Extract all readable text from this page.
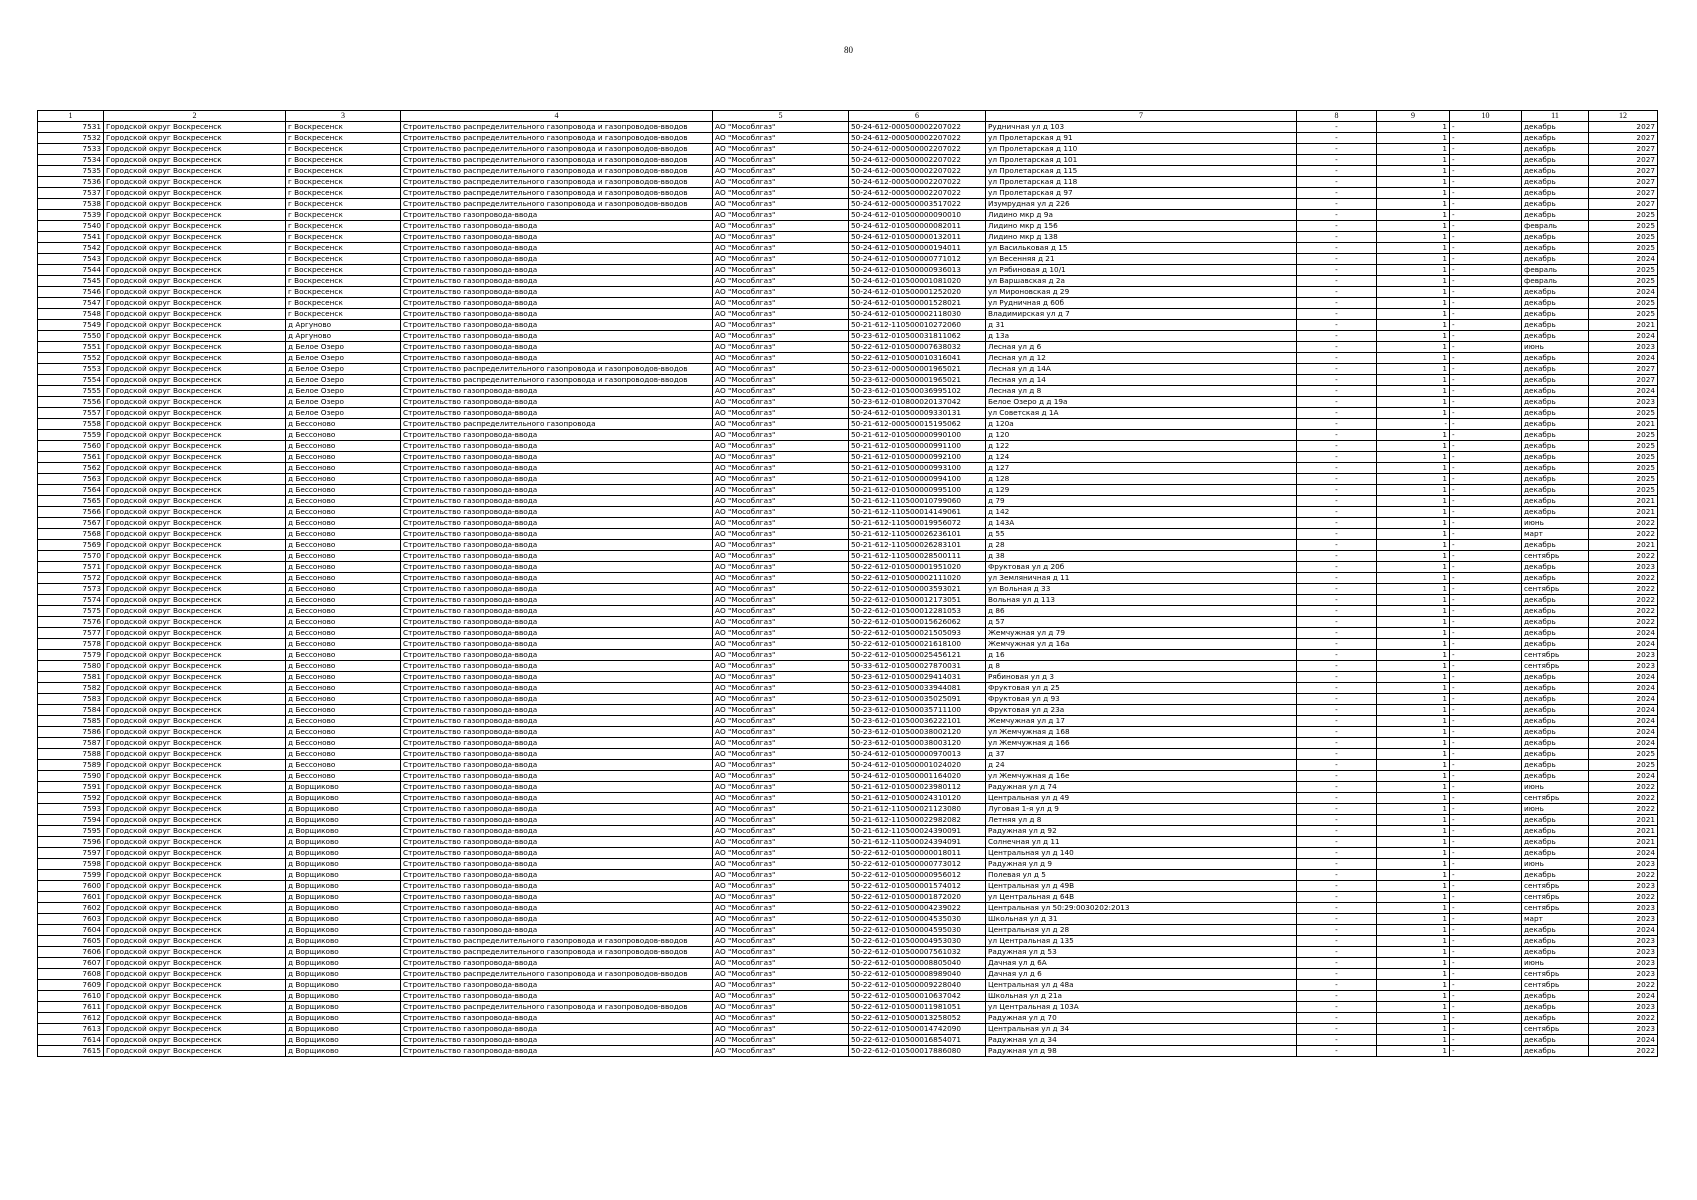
80
1	2	3	4	5	6	7	8	9	10	11	12
7531	Городской округ Воскресенск	г Воскресенск	Строительство распределительного газопровода и газопроводов-вводов	АО "Мособлгаз"	50-24-612-000500002207022	Рудничная ул д 103	-	1	-	декабрь	2027
7532	Городской округ Воскресенск	г Воскресенск	Строительство распределительного газопровода и газопроводов-вводов	АО "Мособлгаз"	50-24-612-000500002207022	ул Пролетарская д 91	-	1	-	декабрь	2027
7533	Городской округ Воскресенск	г Воскресенск	Строительство распределительного газопровода и газопроводов-вводов	АО "Мособлгаз"	50-24-612-000500002207022	ул Пролетарская д 110	-	1	-	декабрь	2027
7534	Городской округ Воскресенск	г Воскресенск	Строительство распределительного газопровода и газопроводов-вводов	АО "Мособлгаз"	50-24-612-000500002207022	ул Пролетарская д 101	-	1	-	декабрь	2027
7535	Городской округ Воскресенск	г Воскресенск	Строительство распределительного газопровода и газопроводов-вводов	АО "Мособлгаз"	50-24-612-000500002207022	ул Пролетарская д 115	-	1	-	декабрь	2027
7536	Городской округ Воскресенск	г Воскресенск	Строительство распределительного газопровода и газопроводов-вводов	АО "Мособлгаз"	50-24-612-000500002207022	ул Пролетарская д 118	-	1	-	декабрь	2027
7537	Городской округ Воскресенск	г Воскресенск	Строительство распределительного газопровода и газопроводов-вводов	АО "Мособлгаз"	50-24-612-000500002207022	ул Пролетарская д 97	-	1	-	декабрь	2027
7538	Городской округ Воскресенск	г Воскресенск	Строительство распределительного газопровода и газопроводов-вводов	АО "Мособлгаз"	50-24-612-000500003517022	Изумрудная ул д 226	-	1	-	декабрь	2027
7539	Городской округ Воскресенск	г Воскресенск	Строительство газопровода-ввода	АО "Мособлгаз"	50-24-612-010500000090010	Лидино мкр д 9а	-	1	-	декабрь	2025
7540	Городской округ Воскресенск	г Воскресенск	Строительство газопровода-ввода	АО "Мособлгаз"	50-24-612-010500000082011	Лидино мкр д 156	-	1	-	февраль	2025
7541	Городской округ Воскресенск	г Воскресенск	Строительство газопровода-ввода	АО "Мособлгаз"	50-24-612-010500000132011	Лидино мкр д 138	-	1	-	декабрь	2025
7542	Городской округ Воскресенск	г Воскресенск	Строительство газопровода-ввода	АО "Мособлгаз"	50-24-612-010500000194011	ул Васильковая д 15	-	1	-	декабрь	2025
7543	Городской округ Воскресенск	г Воскресенск	Строительство газопровода-ввода	АО "Мособлгаз"	50-24-612-010500000771012	ул Весенняя д 21	-	1	-	декабрь	2024
7544	Городской округ Воскресенск	г Воскресенск	Строительство газопровода-ввода	АО "Мособлгаз"	50-24-612-010500000936013	ул Рябиновая д 10/1	-	1	-	февраль	2025
7545	Городской округ Воскресенск	г Воскресенск	Строительство газопровода-ввода	АО "Мособлгаз"	50-24-612-010500001081020	ул Варшавская д 2а	-	1	-	февраль	2025
7546	Городской округ Воскресенск	г Воскресенск	Строительство газопровода-ввода	АО "Мособлгаз"	50-24-612-010500001252020	ул Мироновская д 29	-	1	-	декабрь	2024
7547	Городской округ Воскресенск	г Воскресенск	Строительство газопровода-ввода	АО "Мособлгаз"	50-24-612-010500001528021	ул Рудничная д 60б	-	1	-	декабрь	2025
7548	Городской округ Воскресенск	г Воскресенск	Строительство газопровода-ввода	АО "Мособлгаз"	50-24-612-010500002118030	Владимирская ул д 7	-	1	-	декабрь	2025
7549	Городской округ Воскресенск	д Аргуново	Строительство газопровода-ввода	АО "Мособлгаз"	50-21-612-110500010272060	д 31	-	1	-	декабрь	2021
7550	Городской округ Воскресенск	д Аргуново	Строительство газопровода-ввода	АО "Мособлгаз"	50-23-612-010500031811062	д 13а	-	1	-	декабрь	2024
7551	Городской округ Воскресенск	д Белое Озеро	Строительство газопровода-ввода	АО "Мособлгаз"	50-22-612-010500007638032	Лесная ул д 6	-	1	-	июнь	2023
7552	Городской округ Воскресенск	д Белое Озеро	Строительство газопровода-ввода	АО "Мособлгаз"	50-22-612-010500010316041	Лесная ул д 12	-	1	-	декабрь	2024
7553	Городской округ Воскресенск	д Белое Озеро	Строительство распределительного газопровода и газопроводов-вводов	АО "Мособлгаз"	50-23-612-000500001965021	Лесная ул д 14А	-	1	-	декабрь	2027
7554	Городской округ Воскресенск	д Белое Озеро	Строительство распределительного газопровода и газопроводов-вводов	АО "Мособлгаз"	50-23-612-000500001965021	Лесная ул д 14	-	1	-	декабрь	2027
7555	Городской округ Воскресенск	д Белое Озеро	Строительство газопровода-ввода	АО "Мособлгаз"	50-23-612-010500036995102	Лесная ул д 8	-	1	-	декабрь	2024
7556	Городской округ Воскресенск	д Белое Озеро	Строительство газопровода-ввода	АО "Мособлгаз"	50-23-612-010800020137042	Белое Озеро д д 19а	-	1	-	декабрь	2023
7557	Городской округ Воскресенск	д Белое Озеро	Строительство газопровода-ввода	АО "Мособлгаз"	50-24-612-010500009330131	ул Советская д 1А	-	1	-	декабрь	2025
7558	Городской округ Воскресенск	д Бессоново	Строительство распределительного газопровода	АО "Мособлгаз"	50-21-612-000500015195062	д 120а	-	-	-	декабрь	2021
7559	Городской округ Воскресенск	д Бессоново	Строительство газопровода-ввода	АО "Мособлгаз"	50-21-612-010500000990100	д 120	-	1	-	декабрь	2025
7560	Городской округ Воскресенск	д Бессоново	Строительство газопровода-ввода	АО "Мособлгаз"	50-21-612-010500000991100	д 122	-	1	-	декабрь	2025
7561	Городской округ Воскресенск	д Бессоново	Строительство газопровода-ввода	АО "Мособлгаз"	50-21-612-010500000992100	д 124	-	1	-	декабрь	2025
7562	Городской округ Воскресенск	д Бессоново	Строительство газопровода-ввода	АО "Мособлгаз"	50-21-612-010500000993100	д 127	-	1	-	декабрь	2025
7563	Городской округ Воскресенск	д Бессоново	Строительство газопровода-ввода	АО "Мособлгаз"	50-21-612-010500000994100	д 128	-	1	-	декабрь	2025
7564	Городской округ Воскресенск	д Бессоново	Строительство газопровода-ввода	АО "Мособлгаз"	50-21-612-010500000995100	д 129	-	1	-	декабрь	2025
7565	Городской округ Воскресенск	д Бессоново	Строительство газопровода-ввода	АО "Мособлгаз"	50-21-612-110500010799060	д 79	-	1	-	декабрь	2021
7566	Городской округ Воскресенск	д Бессоново	Строительство газопровода-ввода	АО "Мособлгаз"	50-21-612-110500014149061	д 142	-	1	-	декабрь	2021
7567	Городской округ Воскресенск	д Бессоново	Строительство газопровода-ввода	АО "Мособлгаз"	50-21-612-110500019956072	д 143А	-	1	-	июнь	2022
7568	Городской округ Воскресенск	д Бессоново	Строительство газопровода-ввода	АО "Мособлгаз"	50-21-612-110500026236101	д 55	-	1	-	март	2022
7569	Городской округ Воскресенск	д Бессоново	Строительство газопровода-ввода	АО "Мособлгаз"	50-21-612-110500026283101	д 28	-	1	-	декабрь	2021
7570	Городской округ Воскресенск	д Бессоново	Строительство газопровода-ввода	АО "Мособлгаз"	50-21-612-110500028500111	д 38	-	1	-	сентябрь	2022
7571	Городской округ Воскресенск	д Бессоново	Строительство газопровода-ввода	АО "Мособлгаз"	50-22-612-010500001951020	Фруктовая ул д 20б	-	1	-	декабрь	2023
7572	Городской округ Воскресенск	д Бессоново	Строительство газопровода-ввода	АО "Мособлгаз"	50-22-612-010500002111020	ул Земляничная д 11	-	1	-	декабрь	2022
7573	Городской округ Воскресенск	д Бессоново	Строительство газопровода-ввода	АО "Мособлгаз"	50-22-612-010500003593021	ул Вольная д 33	-	1	-	сентябрь	2022
7574	Городской округ Воскресенск	д Бессоново	Строительство газопровода-ввода	АО "Мособлгаз"	50-22-612-010500012173051	Вольная ул д 113	-	1	-	декабрь	2022
7575	Городской округ Воскресенск	д Бессоново	Строительство газопровода-ввода	АО "Мособлгаз"	50-22-612-010500012281053	д 86	-	1	-	декабрь	2022
7576	Городской округ Воскресенск	д Бессоново	Строительство газопровода-ввода	АО "Мособлгаз"	50-22-612-010500015626062	д 57	-	1	-	декабрь	2022
7577	Городской округ Воскресенск	д Бессоново	Строительство газопровода-ввода	АО "Мособлгаз"	50-22-612-010500021505093	Жемчужная ул д 79	-	1	-	декабрь	2024
7578	Городской округ Воскресенск	д Бессоново	Строительство газопровода-ввода	АО "Мособлгаз"	50-22-612-010500021618100	Жемчужная ул д 16а	-	1	-	декабрь	2024
7579	Городской округ Воскресенск	д Бессоново	Строительство газопровода-ввода	АО "Мособлгаз"	50-22-612-010500025456121	д 16	-	1	-	сентябрь	2023
7580	Городской округ Воскресенск	д Бессоново	Строительство газопровода-ввода	АО "Мособлгаз"	50-33-612-010500027870031	д 8	-	1	-	сентябрь	2023
7581	Городской округ Воскресенск	д Бессоново	Строительство газопровода-ввода	АО "Мособлгаз"	50-23-612-010500029414031	Рябиновая ул д 3	-	1	-	декабрь	2024
7582	Городской округ Воскресенск	д Бессоново	Строительство газопровода-ввода	АО "Мособлгаз"	50-23-612-010500033944081	Фруктовая ул д 25	-	1	-	декабрь	2024
7583	Городской округ Воскресенск	д Бессоново	Строительство газопровода-ввода	АО "Мособлгаз"	50-23-612-010500035025091	Фруктовая ул д 93	-	1	-	декабрь	2024
7584	Городской округ Воскресенск	д Бессоново	Строительство газопровода-ввода	АО "Мособлгаз"	50-23-612-010500035711100	Фруктовая ул д 23а	-	1	-	декабрь	2024
7585	Городской округ Воскресенск	д Бессоново	Строительство газопровода-ввода	АО "Мособлгаз"	50-23-612-010500036222101	Жемчужная ул д 17	-	1	-	декабрь	2024
7586	Городской округ Воскресенск	д Бессоново	Строительство газопровода-ввода	АО "Мособлгаз"	50-23-612-010500038002120	ул Жемчужная д 168	-	1	-	декабрь	2024
7587	Городской округ Воскресенск	д Бессоново	Строительство газопровода-ввода	АО "Мособлгаз"	50-23-612-010500038003120	ул Жемчужная д 166	-	1	-	декабрь	2024
7588	Городской округ Воскресенск	д Бессоново	Строительство газопровода-ввода	АО "Мособлгаз"	50-24-612-010500000970013	д 37	-	1	-	декабрь	2025
7589	Городской округ Воскресенск	д Бессоново	Строительство газопровода-ввода	АО "Мособлгаз"	50-24-612-010500001024020	д 24	-	1	-	декабрь	2025
7590	Городской округ Воскресенск	д Бессоново	Строительство газопровода-ввода	АО "Мособлгаз"	50-24-612-010500001164020	ул Жемчужная д 16е	-	1	-	декабрь	2024
7591	Городской округ Воскресенск	д Ворщиково	Строительство газопровода-ввода	АО "Мособлгаз"	50-21-612-010500023980112	Радужная ул д 74	-	1	-	июнь	2022
7592	Городской округ Воскресенск	д Ворщиково	Строительство газопровода-ввода	АО "Мособлгаз"	50-21-612-010500024310120	Центральная ул д 49	-	1	-	сентябрь	2022
7593	Городской округ Воскресенск	д Ворщиково	Строительство газопровода-ввода	АО "Мособлгаз"	50-21-612-110500021123080	Луговая 1-я ул д 9	-	1	-	июнь	2022
7594	Городской округ Воскресенск	д Ворщиково	Строительство газопровода-ввода	АО "Мособлгаз"	50-21-612-110500022982082	Летняя ул д 8	-	1	-	декабрь	2021
7595	Городской округ Воскресенск	д Ворщиково	Строительство газопровода-ввода	АО "Мособлгаз"	50-21-612-110500024390091	Радужная ул д 92	-	1	-	декабрь	2021
7596	Городской округ Воскресенск	д Ворщиково	Строительство газопровода-ввода	АО "Мособлгаз"	50-21-612-110500024394091	Солнечная ул д 11	-	1	-	декабрь	2021
7597	Городской округ Воскресенск	д Ворщиково	Строительство газопровода-ввода	АО "Мособлгаз"	50-22-612-010500000018011	Центральная ул д 140	-	1	-	декабрь	2024
7598	Городской округ Воскресенск	д Ворщиково	Строительство газопровода-ввода	АО "Мособлгаз"	50-22-612-010500000773012	Радужная ул д 9	-	1	-	июнь	2023
7599	Городской округ Воскресенск	д Ворщиково	Строительство газопровода-ввода	АО "Мособлгаз"	50-22-612-010500000956012	Полевая ул д 5	-	1	-	декабрь	2022
7600	Городской округ Воскресенск	д Ворщиково	Строительство газопровода-ввода	АО "Мособлгаз"	50-22-612-010500001574012	Центральная ул д 49В	-	1	-	сентябрь	2023
7601	Городской округ Воскресенск	д Ворщиково	Строительство газопровода-ввода	АО "Мособлгаз"	50-22-612-010500001872020	ул Центральная д 64В	-	1	-	сентябрь	2022
7602	Городской округ Воскресенск	д Ворщиково	Строительство газопровода-ввода	АО "Мособлгаз"	50-22-612-010500004239022	Центральная ул 50:29:0030202:2013	-	1	-	сентябрь	2023
7603	Городской округ Воскресенск	д Ворщиково	Строительство газопровода-ввода	АО "Мособлгаз"	50-22-612-010500004535030	Школьная ул д 31	-	1	-	март	2023
7604	Городской округ Воскресенск	д Ворщиково	Строительство газопровода-ввода	АО "Мособлгаз"	50-22-612-010500004595030	Центральная ул д 28	-	1	-	декабрь	2024
7605	Городской округ Воскресенск	д Ворщиково	Строительство распределительного газопровода и газопроводов-вводов	АО "Мособлгаз"	50-22-612-010500004953030	ул Центральная д 135	-	1	-	декабрь	2023
7606	Городской округ Воскресенск	д Ворщиково	Строительство распределительного газопровода и газопроводов-вводов	АО "Мособлгаз"	50-22-612-010500007561032	Радужная ул д 53	-	1	-	декабрь	2023
7607	Городской округ Воскресенск	д Ворщиково	Строительство газопровода-ввода	АО "Мособлгаз"	50-22-612-010500008805040	Дачная ул д 6А	-	1	-	июнь	2023
7608	Городской округ Воскресенск	д Ворщиково	Строительство распределительного газопровода и газопроводов-вводов	АО "Мособлгаз"	50-22-612-010500008989040	Дачная ул д 6	-	1	-	сентябрь	2023
7609	Городской округ Воскресенск	д Ворщиково	Строительство газопровода-ввода	АО "Мособлгаз"	50-22-612-010500009228040	Центральная ул д 48а	-	1	-	сентябрь	2022
7610	Городской округ Воскресенск	д Ворщиково	Строительство газопровода-ввода	АО "Мособлгаз"	50-22-612-010500010637042	Школьная ул д 21а	-	1	-	декабрь	2024
7611	Городской округ Воскресенск	д Ворщиково	Строительство распределительного газопровода и газопроводов-вводов	АО "Мособлгаз"	50-22-612-010500011981051	ул Центральная д 103А	-	1	-	декабрь	2023
7612	Городской округ Воскресенск	д Ворщиково	Строительство газопровода-ввода	АО "Мособлгаз"	50-22-612-010500013258052	Радужная ул д 70	-	1	-	декабрь	2022
7613	Городской округ Воскресенск	д Ворщиково	Строительство газопровода-ввода	АО "Мособлгаз"	50-22-612-010500014742090	Центральная ул д 34	-	1	-	сентябрь	2023
7614	Городской округ Воскресенск	д Ворщиково	Строительство газопровода-ввода	АО "Мособлгаз"	50-22-612-010500016854071	Радужная ул д 34	-	1	-	декабрь	2024
7615	Городской округ Воскресенск	д Ворщиково	Строительство газопровода-ввода	АО "Мособлгаз"	50-22-612-010500017886080	Радужная ул д 98	-	1	-	декабрь	2022
